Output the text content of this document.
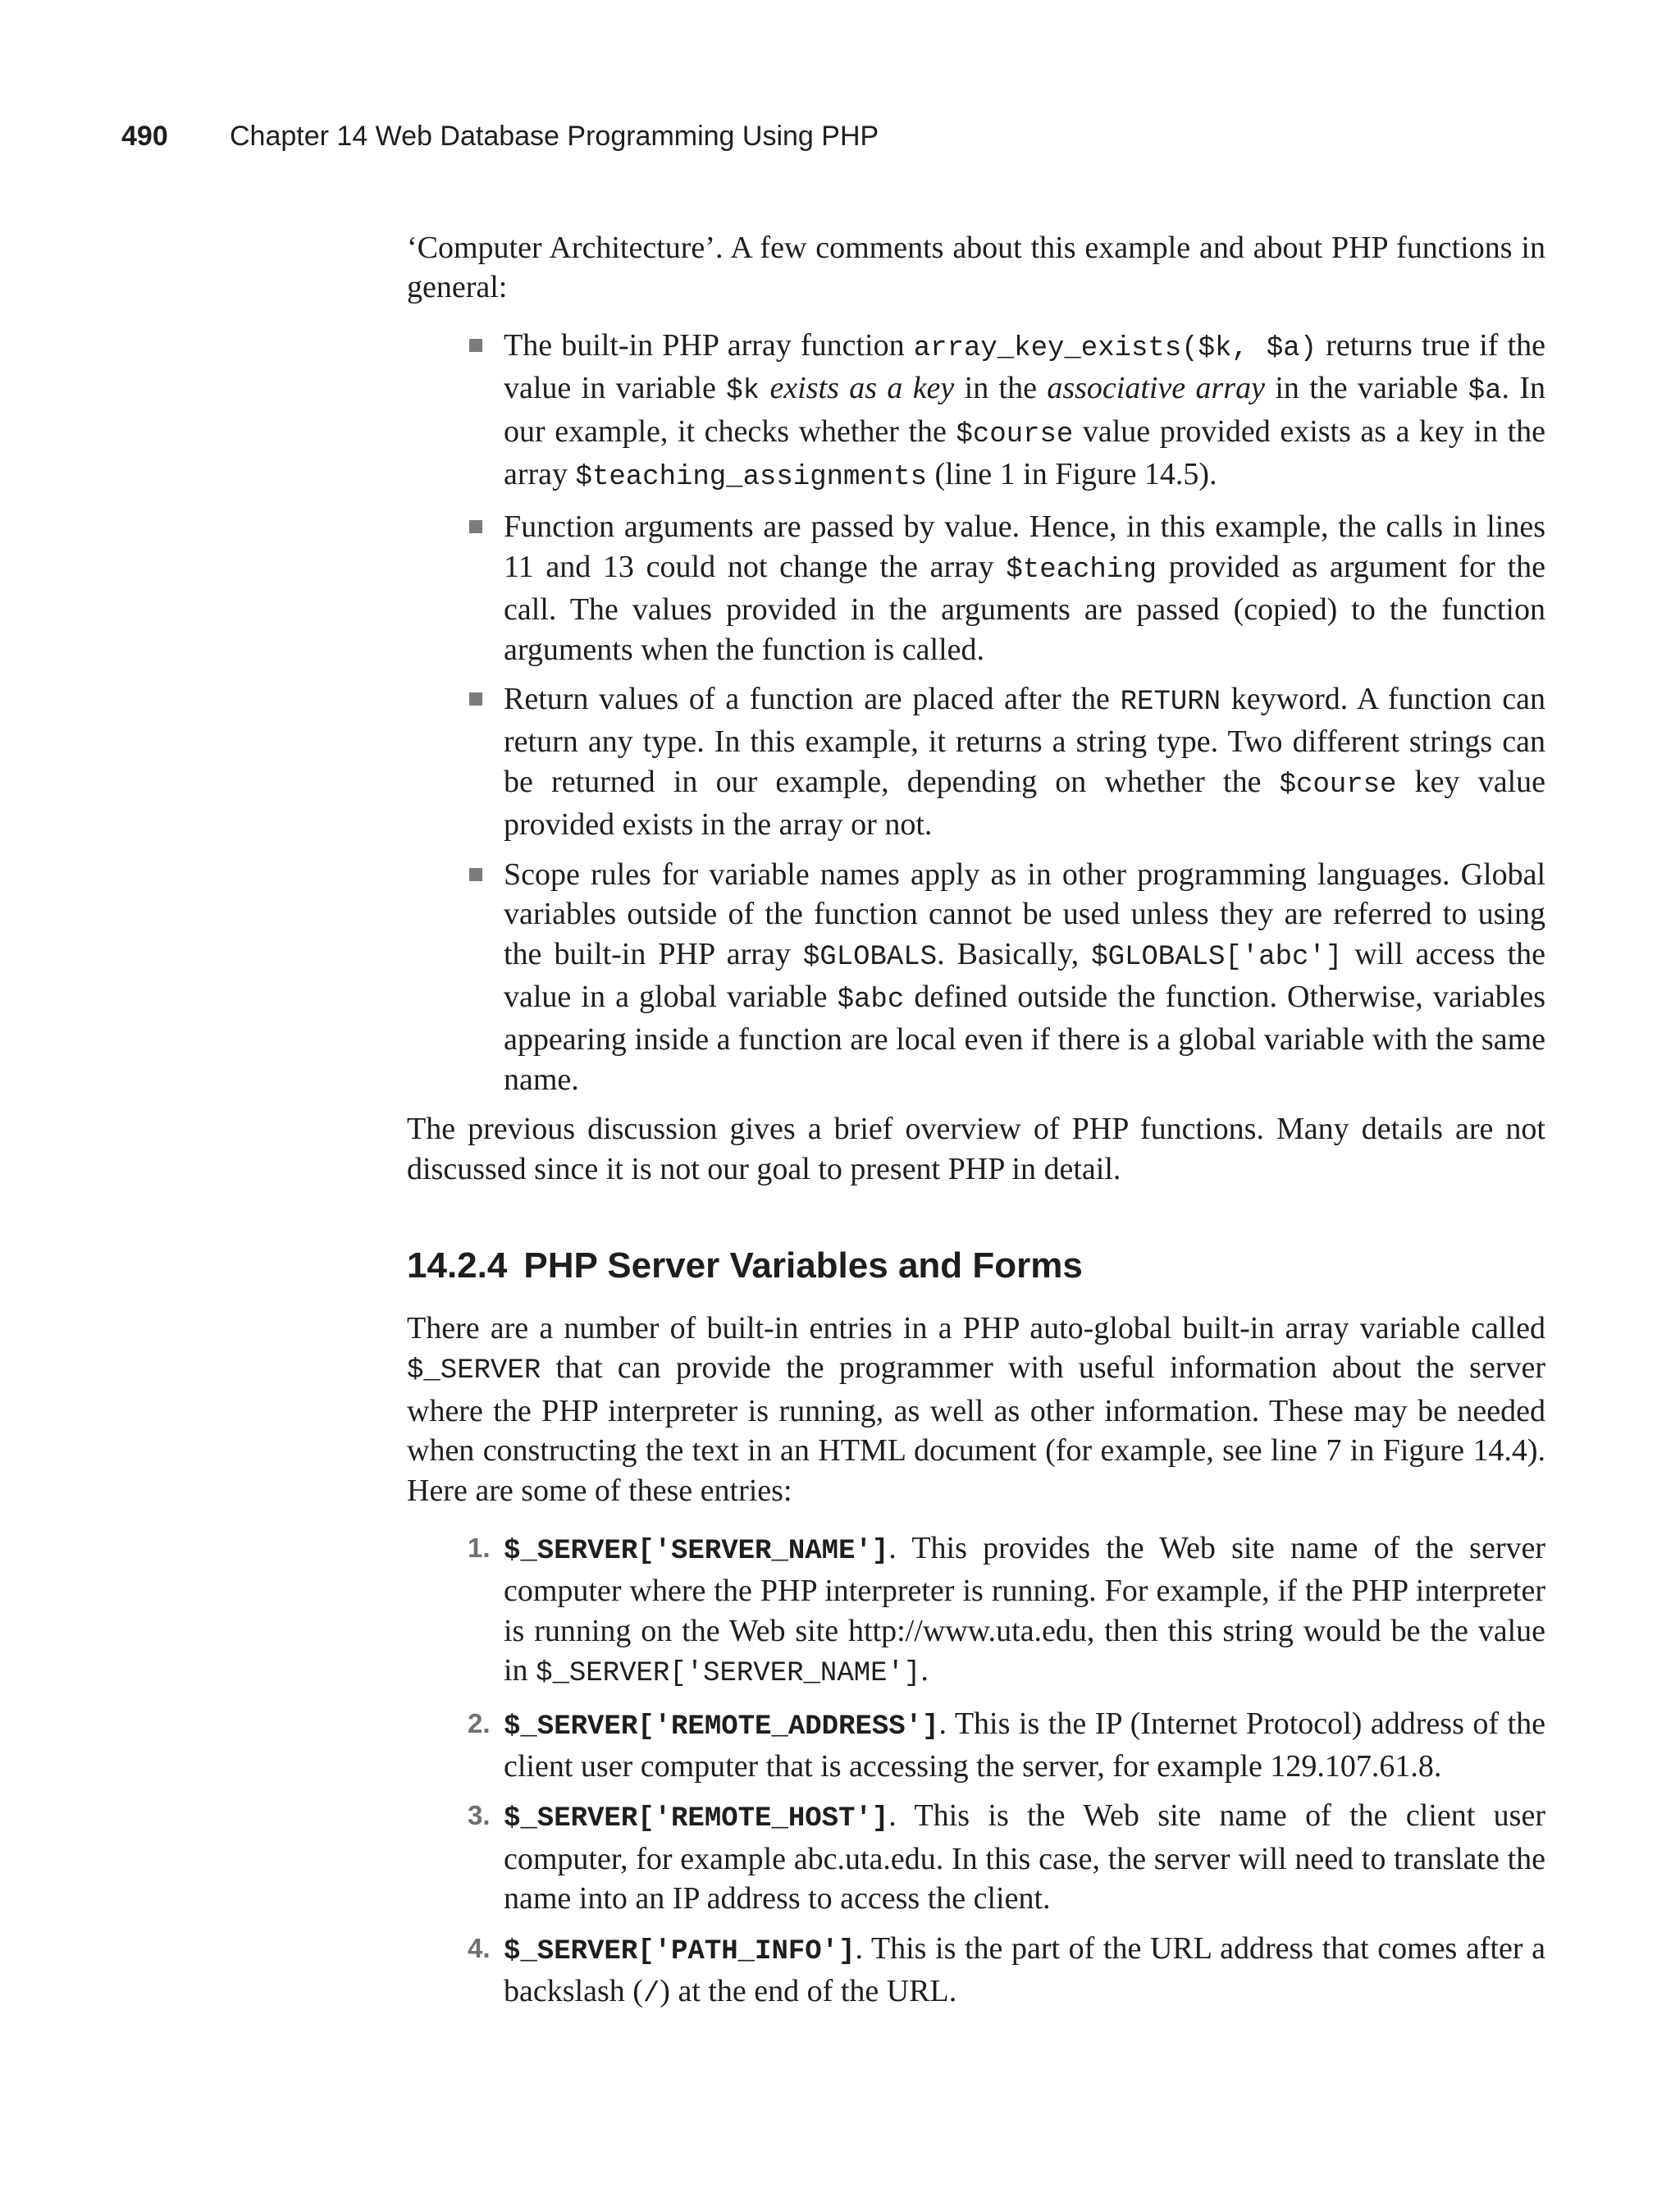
490 Chapter 14 Web Database Programming Using PHP

‘Computer Architecture’. A few comments about this example and about PHP functions in general:

The built-in PHP array function array_key_exists($k, $a) returns true if the value in variable $k exists as a key in the associative array in the variable $a. In our example, it checks whether the $course value provided exists as a key in the array $teaching_assignments (line 1 in Figure 14.5).
Function arguments are passed by value. Hence, in this example, the calls in lines 11 and 13 could not change the array $teaching provided as argument for the call. The values provided in the arguments are passed (copied) to the function arguments when the function is called.
Return values of a function are placed after the RETURN keyword. A function can return any type. In this example, it returns a string type. Two different strings can be returned in our example, depending on whether the $course key value provided exists in the array or not.
Scope rules for variable names apply as in other programming languages. Global variables outside of the function cannot be used unless they are referred to using the built-in PHP array $GLOBALS. Basically, $GLOBALS['abc'] will access the value in a global variable $abc defined outside the function. Otherwise, variables appearing inside a function are local even if there is a global variable with the same name.

The previous discussion gives a brief overview of PHP functions. Many details are not discussed since it is not our goal to present PHP in detail.

14.2.4 PHP Server Variables and Forms

There are a number of built-in entries in a PHP auto-global built-in array variable called $_SERVER that can provide the programmer with useful information about the server where the PHP interpreter is running, as well as other information. These may be needed when constructing the text in an HTML document (for example, see line 7 in Figure 14.4). Here are some of these entries:

1. $_SERVER['SERVER_NAME']. This provides the Web site name of the server computer where the PHP interpreter is running. For example, if the PHP interpreter is running on the Web site http://www.uta.edu, then this string would be the value in $_SERVER['SERVER_NAME'].
2. $_SERVER['REMOTE_ADDRESS']. This is the IP (Internet Protocol) address of the client user computer that is accessing the server, for example 129.107.61.8.
3. $_SERVER['REMOTE_HOST']. This is the Web site name of the client user computer, for example abc.uta.edu. In this case, the server will need to translate the name into an IP address to access the client.
4. $_SERVER['PATH_INFO']. This is the part of the URL address that comes after a backslash (/) at the end of the URL.
